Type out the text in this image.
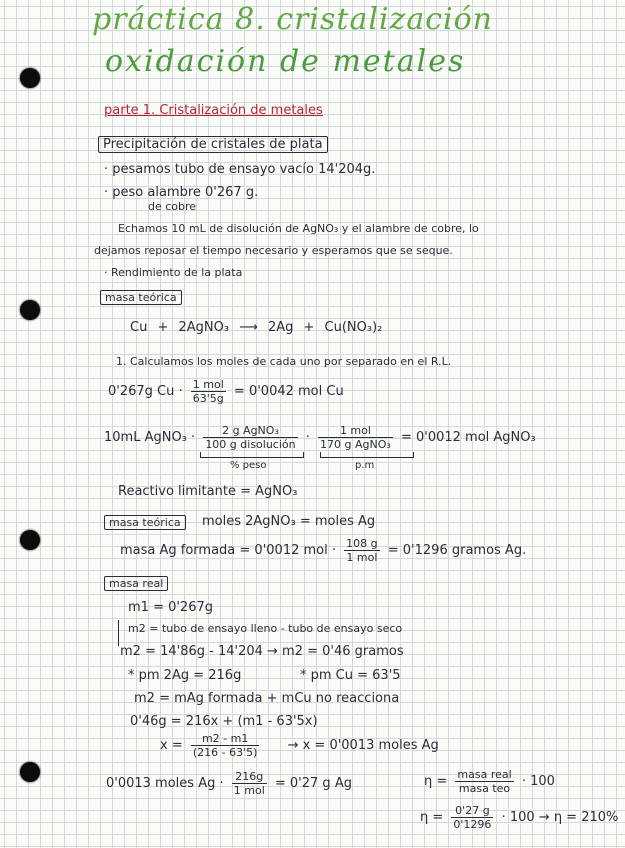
práctica 8. cristalización
oxidación de metales
parte 1. Cristalización de metales
Precipitación de cristales de plata
· pesamos tubo de ensayo vacío 14'204g.
· peso alambre 0'267 g.
de cobre
Echamos 10 mL de disolución de AgNO₃ y el alambre de cobre, lo
dejamos reposar el tiempo necesario y esperamos que se seque.
· Rendimiento de la plata
masa teórica
Cu + 2AgNO₃ ⟶ 2Ag + Cu(NO₃)₂
1. Calculamos los moles de cada uno por separado en el R.L.
0'267g $Cu \cdot \frac{\text{1 mol}}{63'5g} = 0'0042$ mol Cu
10mL AgNO₃ · $\frac{\text{2 g AgNO₃}}{\text{100 g disolución}} \cdot \frac{\text{1 mol}}{\text{170 g AgNO₃}} = 0'0012$ mol AgNO₃
% peso	p.m
Reactivo limitante = AgNO₃
masa teórica	moles 2AgNO₃ = moles Ag
masa Ag formada = 0'0012 mol · $\frac{108 g}{\text{1 mol}} = 0'1296$ gramos Ag.
masa real
m1 = 0'267g
m2 = tubo de ensayo lleno - tubo de ensayo seco
m2 = 14'86g - 14'204 → m2 = 0'46 gramos
* pm 2Ag = 216g	* pm Cu = 63'5
m2 = mAg formada + mCu no reacciona
0'46g = 216x + (m1 - 63'5x)
$x = \frac{m2 - m1}{(216 - 63'5)} \to x = 0'0013$ moles Ag
0'0013 moles $Ag \cdot \frac{216g}{\text{1 mol}} = 0'27$ g Ag	$\eta = \frac{\text{masa real}}{\text{masa teo}} \cdot 100$
$\eta = \frac{0'27 g}{0'1296} \cdot 100 \to \eta = 210\%$
